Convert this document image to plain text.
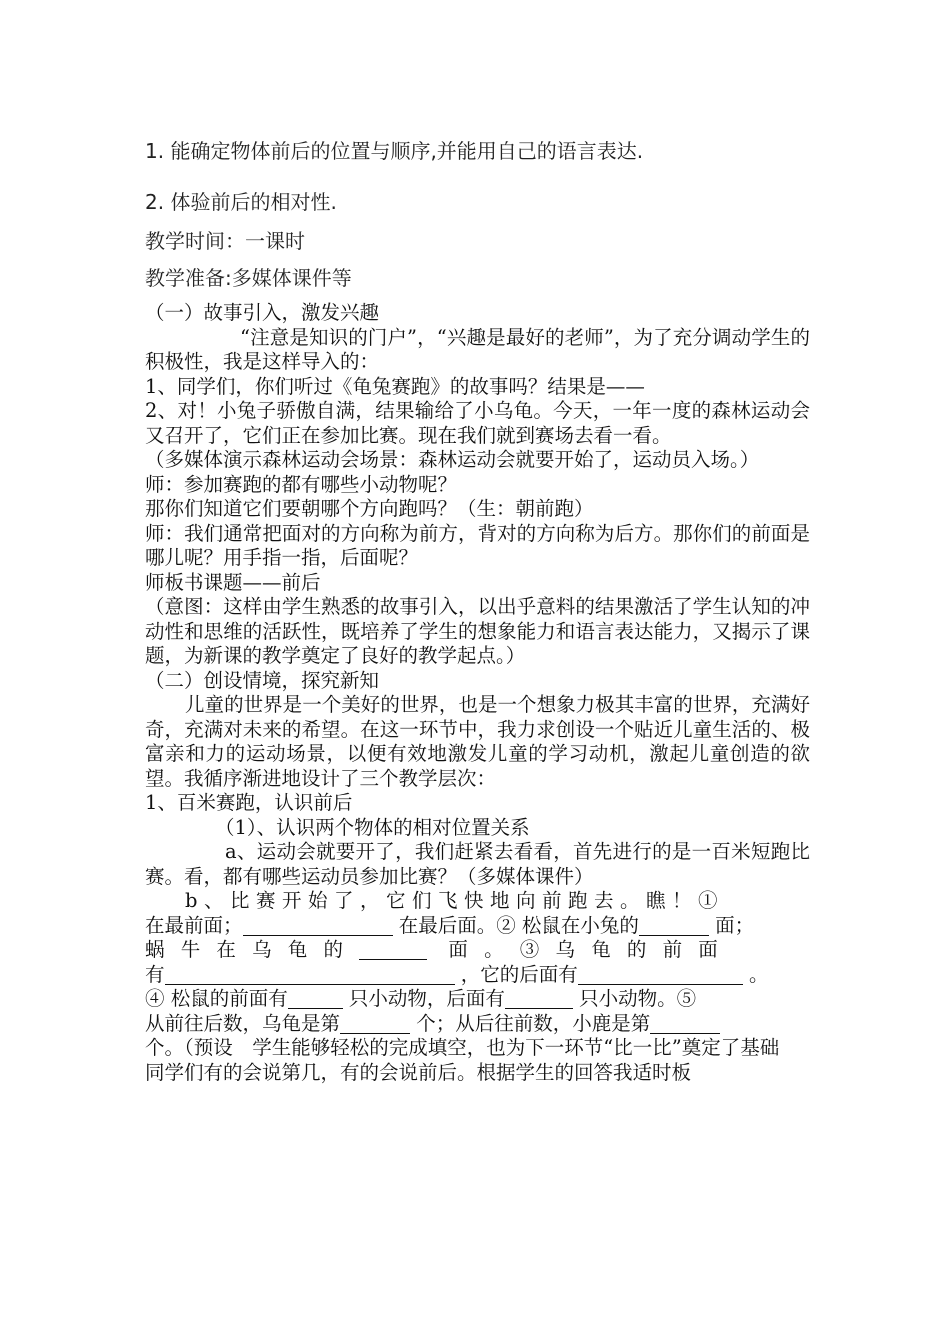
1. 能确定物体前后的位置与顺序,并能用自己的语言表达.
2. 体验前后的相对性.
教学时间：一课时
教学准备:多媒体课件等

（一）故事引入，激发兴趣

“注意是知识的门户”，“兴趣是最好的老师”，为了充分调动学生的积极性，我是这样导入的：

1、同学们，你们听过《龟兔赛跑》的故事吗？结果是——

2、对！小兔子骄傲自满，结果输给了小乌龟。今天，一年一度的森林运动会又召开了，它们正在参加比赛。现在我们就到赛场去看一看。

（多媒体演示森林运动会场景：森林运动会就要开始了，运动员入场。）

师：参加赛跑的都有哪些小动物呢？

那你们知道它们要朝哪个方向跑吗？（生：朝前跑）

师：我们通常把面对的方向称为前方，背对的方向称为后方。那你们的前面是哪儿呢？用手指一指，后面呢？

师板书课题——前后

（意图：这样由学生熟悉的故事引入，以出乎意料的结果激活了学生认知的冲动性和思维的活跃性，既培养了学生的想象能力和语言表达能力，又揭示了课题，为新课的教学奠定了良好的教学起点。）

（二）创设情境，探究新知

儿童的世界是一个美好的世界，也是一个想象力极其丰富的世界，充满好奇，充满对未来的希望。在这一环节中，我力求创设一个贴近儿童生活的、极富亲和力的运动场景，以便有效地激发儿童的学习动机，激起儿童创造的欲望。我循序渐进地设计了三个教学层次：

1、百米赛跑，认识前后

（1）、认识两个物体的相对位置关系

a、运动会就要开了，我们赶紧去看看，首先进行的是一百米短跑比赛。看，都有哪些运动员参加比赛？（多媒体课件）

b、比赛开始了，它们飞快地向前跑去。瞧！①

在最前面；	在最后面。② 松鼠在小兔的	面；

蜗 牛 在 乌 龟 的	面 。 ③ 乌 龟 的 前 面

有	，它的后面有	。

④ 松鼠的前面有	只小动物，后面有	只小动物。⑤

从前往后数，乌龟是第	个；从后往前数，小鹿是第

个。（预设　学生能够轻松的完成填空，也为下一环节“比一比”奠定了基础

同学们有的会说第几，有的会说前后。根据学生的回答我适时板
